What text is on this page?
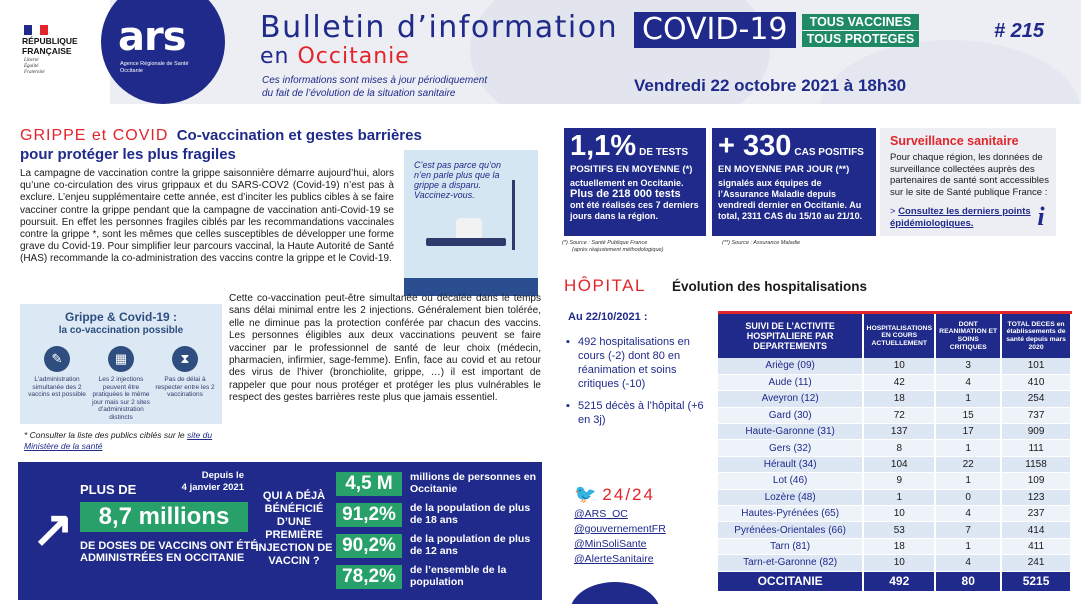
RÉPUBLIQUE FRANÇAISE
Liberté
Égalité
Fraternité
ars
Agence Régionale de Santé Occitanie
Bulletin d’information
en Occitanie
COVID-19	TOUS VACCINES
TOUS PROTEGES	# 215
Ces informations sont mises à jour périodiquement
du fait de l’évolution de la situation sanitaire	Vendredi 22 octobre 2021 à 18h30
GRIPPE et COVID Co-vaccination et gestes barrières
pour protéger les plus fragiles
La campagne de vaccination contre la grippe saisonnière démarre aujourd’hui, alors qu’une co-circulation des virus grippaux et du SARS-COV2 (Covid-19) n’est pas à exclure. L’enjeu supplémentaire cette année, est d’inciter les publics cibles à se faire vacciner contre la grippe pendant que la campagne de vaccination anti-Covid-19 se poursuit. En effet les personnes fragiles ciblés par les recommandations vaccinales contre la grippe *, sont les mêmes que celles susceptibles de développer une forme grave du Covid-19. Pour simplifier leur parcours vaccinal, la Haute Autorité de Santé (HAS) recommande la co-administration des vaccins contre la grippe et le Covid-19.
C’est pas parce qu’on n’en parle plus que la grippe a disparu. Vaccinez-vous.
Grippe & Covid-19 :
la co-vaccination possible
✎
L’administration simultanée des 2 vaccins est possible
▦
Les 2 injections peuvent être pratiquées le même jour mais sur 2 sites d’administration distincts
⧗
Pas de délai à respecter entre les 2 vaccinations
* Consulter la liste des publics ciblés sur le site du Ministère de la santé
Cette co-vaccination peut-être simultanée ou décalée dans le temps sans délai minimal entre les 2 injections. Généralement bien tolérée, elle ne diminue pas la protection conférée par chacun des vaccins. Les personnes éligibles aux deux vaccinations peuvent se faire vacciner par le professionnel de santé de leur choix (médecin, pharmacien, infirmier, sage-femme). Enfin, face au covid et au retour des virus de l’hiver (bronchiolite, grippe, …) il est important de rappeler que pour nous protéger et protéger les plus vulnérables le respect des gestes barrières reste plus que jamais essentiel.
↗
PLUS DE
Depuis le
4 janvier 2021
8,7 millions
DE DOSES DE VACCINS ONT ÉTÉ ADMINISTRÉES EN OCCITANIE
QUI A DÉJÀ BÉNÉFICIÉ D’UNE PREMIÈRE INJECTION DE VACCIN ?
4,5 M	millions de personnes en Occitanie
91,2%	de la population de plus de 18 ans
90,2%	de la population de plus de 12 ans
78,2%	de l’ensemble de la population
1,1% DE TESTS
POSITIFS EN MOYENNE (*)
actuellement en Occitanie.
Plus de 218 000 tests
ont été réalisés ces 7 derniers jours dans la région.
+ 330 CAS POSITIFS
EN MOYENNE PAR JOUR (**)
signalés aux équipes de l’Assurance Maladie depuis vendredi dernier en Occitanie. Au total, 2311 CAS du 15/10 au 21/10.
(*) Source : Santé Publique France
(après réajustement méthodologique)
(**) Source : Assurance Maladie
Surveillance sanitaire
Pour chaque région, les données de surveillance collectées auprès des partenaires de santé sont accessibles sur le site de Santé publique France :
> Consultez les derniers points épidémiologiques.	i
HÔPITAL Évolution des hospitalisations
Au 22/10/2021 :
▪ 492 hospitalisations en cours (-2) dont 80 en réanimation et soins critiques (-10)
▪ 5215 décès à l’hôpital (+6 en 3j)
🐦 24/24
@ARS_OC
@gouvernementFR
@MinSoliSante
@AlerteSanitaire
SUIVI DE L’ACTIVITE HOSPITALIERE PAR DEPARTEMENTS	HOSPITALISATIONS EN COURS ACTUELLEMENT	DONT REANIMATION ET SOINS CRITIQUES	TOTAL DECES en établissements de santé depuis mars 2020
Ariège (09)	10	3	101
Aude (11)	42	4	410
Aveyron (12)	18	1	254
Gard (30)	72	15	737
Haute-Garonne (31)	137	17	909
Gers (32)	8	1	111
Hérault (34)	104	22	1158
Lot (46)	9	1	109
Lozère (48)	1	0	123
Hautes-Pyrénées (65)	10	4	237
Pyrénées-Orientales (66)	53	7	414
Tarn (81)	18	1	411
Tarn-et-Garonne (82)	10	4	241
OCCITANIE	492	80	5215
